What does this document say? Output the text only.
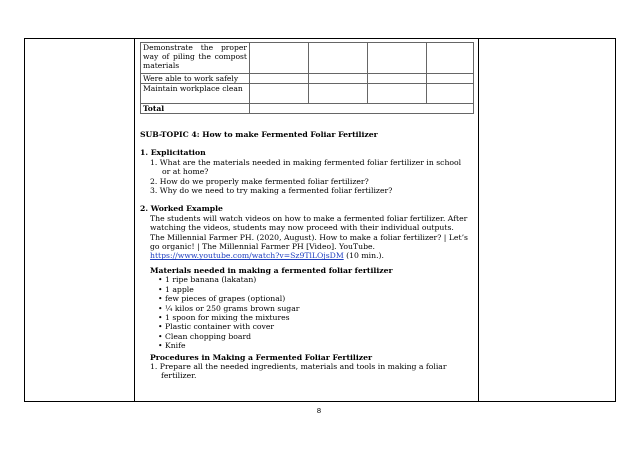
Demonstrate the proper way of piling the compost materials				
Were able to work safely				
Maintain workplace clean				
Total				
SUB-TOPIC 4: How to make Fermented Foliar Fertilizer
1. Explicitation
1. What are the materials needed in making fermented foliar fertilizer in school
or at home?
2. How do we properly make fermented foliar fertilizer?
3. Why do we need to try making a fermented foliar fertilizer?
2. Worked Example
The students will watch videos on how to make a fermented foliar fertilizer. After watching the videos, students may now proceed with their individual outputs.
The Millennial Farmer PH. (2020, August). How to make a foliar fertilizer? | Let’s go organic! | The Millennial Farmer PH [Video]. YouTube. https://www.youtube.com/watch?v=Sz9TlLOjsDM (10 min.).
Materials needed in making a fermented foliar fertilizer
• 1 ripe banana (lakatan)
• 1 apple
• few pieces of grapes (optional)
• ¼ kilos or 250 grams brown sugar
• 1 spoon for mixing the mixtures
• Plastic container with cover
• Clean chopping board
• Knife
Procedures in Making a Fermented Foliar Fertilizer
1. Prepare all the needed ingredients, materials and tools in making a foliar
fertilizer.
8
